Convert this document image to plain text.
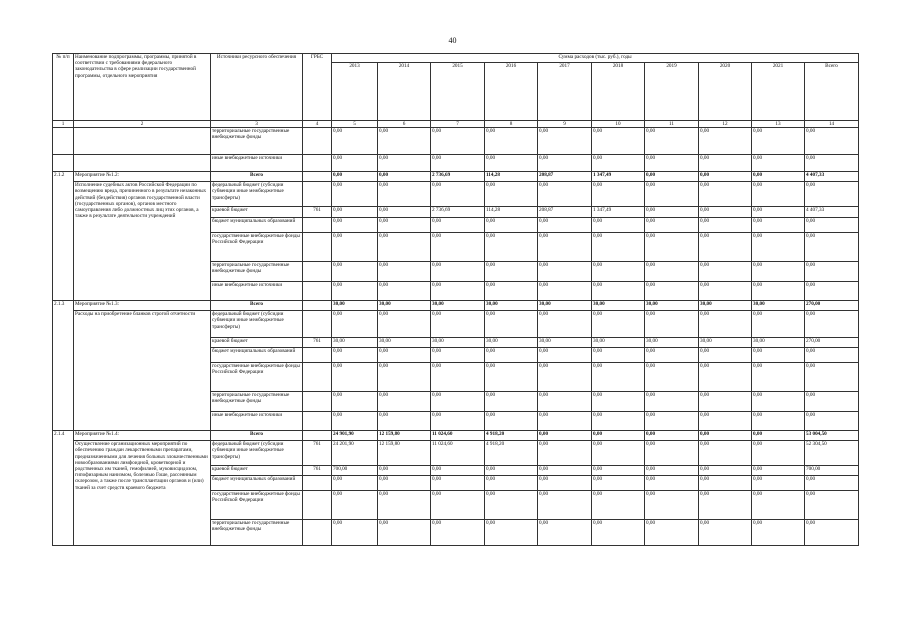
40
№ п/п	Наименование подпрограммы, программы, принятой в соответствии с требованиями федерального законодательства в сфере реализации государственной программы, отдельного мероприятия	Источники ресурсного обеспечения	ГРБС	Сумма расходов (тыс. руб.), годы									
				2013	2014	2015	2016	2017	2018	2019	2020	2021	Всего
1	2	3	4	5	6	7	8	9	10	11	12	13	14
		территориальные государственные внебюджетные фонды		0,00	0,00	0,00	0,00	0,00	0,00	0,00	0,00	0,00	0,00
		иные внебюджетные источники		0,00	0,00	0,00	0,00	0,00	0,00	0,00	0,00	0,00	0,00
2.1.2	Мероприятие №1.2:	Всего		0,00	0,00	2 736,69	114,28	208,87	1 347,49	0,00	0,00	0,00	4 407,33
	Исполнение судебных актов Российской Федерации по возмещению вреда, причиненного в результате незаконных действий (бездействия) органов государственной власти (государственных органов), органов местного самоуправления либо должностных лиц этих органов, а также в результате деятельности учреждений	федеральный бюджет (субсидии субвенции иные межбюджетные трансферты)		0,00	0,00	0,00	0,00	0,00	0,00	0,00	0,00	0,00	0,00
		краевой бюджет	761	0,00	0,00	2 736,69	114,28	208,87	1 347,49	0,00	0,00	0,00	4 407,33
		бюджет муниципальных образований		0,00	0,00	0,00	0,00	0,00	0,00	0,00	0,00	0,00	0,00
		государственные внебюджетные фонды Российской Федерации		0,00	0,00	0,00	0,00	0,00	0,00	0,00	0,00	0,00	0,00
		территориальные государственные внебюджетные фонды		0,00	0,00	0,00	0,00	0,00	0,00	0,00	0,00	0,00	0,00
		иные внебюджетные источники		0,00	0,00	0,00	0,00	0,00	0,00	0,00	0,00	0,00	0,00
2.1.3	Мероприятие №1.3:	Всего		30,00	30,00	30,00	30,00	30,00	30,00	30,00	30,00	30,00	270,00
	Расходы на приобретение бланков строгой отчетности	федеральный бюджет (субсидии субвенции иные межбюджетные трансферты)		0,00	0,00	0,00	0,00	0,00	0,00	0,00	0,00	0,00	0,00
		краевой бюджет	761	30,00	30,00	30,00	30,00	30,00	30,00	30,00	30,00	30,00	270,00
		бюджет муниципальных образований		0,00	0,00	0,00	0,00	0,00	0,00	0,00	0,00	0,00	0,00
		государственные внебюджетные фонды Российской Федерации		0,00	0,00	0,00	0,00	0,00	0,00	0,00	0,00	0,00	0,00
		территориальные государственные внебюджетные фонды		0,00	0,00	0,00	0,00	0,00	0,00	0,00	0,00	0,00	0,00
		иные внебюджетные источники		0,00	0,00	0,00	0,00	0,00	0,00	0,00	0,00	0,00	0,00
2.1.4	Мероприятие №1.4:	Всего		24 901,90	12 159,80	11 024,60	4 918,20	0,00	0,00	0,00	0,00	0,00	53 004,50
	Осуществление организационных мероприятий по обеспечению граждан лекарственными препаратами, предназначенными для лечения больных злокачественными новообразованиями лимфоидной, кроветворной и родственных им тканей, гемофилией, муковисцидозом, гипофизарным нанизмом, болезнью Гоше, рассеянным склерозом, а также после трансплантации органов и (или) тканей за счет средств краевого бюджета	федеральный бюджет (субсидии субвенции иные межбюджетные трансферты)	761	24 201,90	12 159,80	11 024,60	4 918,20	0,00	0,00	0,00	0,00	0,00	52 304,50
		краевой бюджет	761	700,00	0,00	0,00	0,00	0,00	0,00	0,00	0,00	0,00	700,00
		бюджет муниципальных образований		0,00	0,00	0,00	0,00	0,00	0,00	0,00	0,00	0,00	0,00
		государственные внебюджетные фонды Российской Федерации		0,00	0,00	0,00	0,00	0,00	0,00	0,00	0,00	0,00	0,00
		территориальные государственные внебюджетные фонды		0,00	0,00	0,00	0,00	0,00	0,00	0,00	0,00	0,00	0,00
